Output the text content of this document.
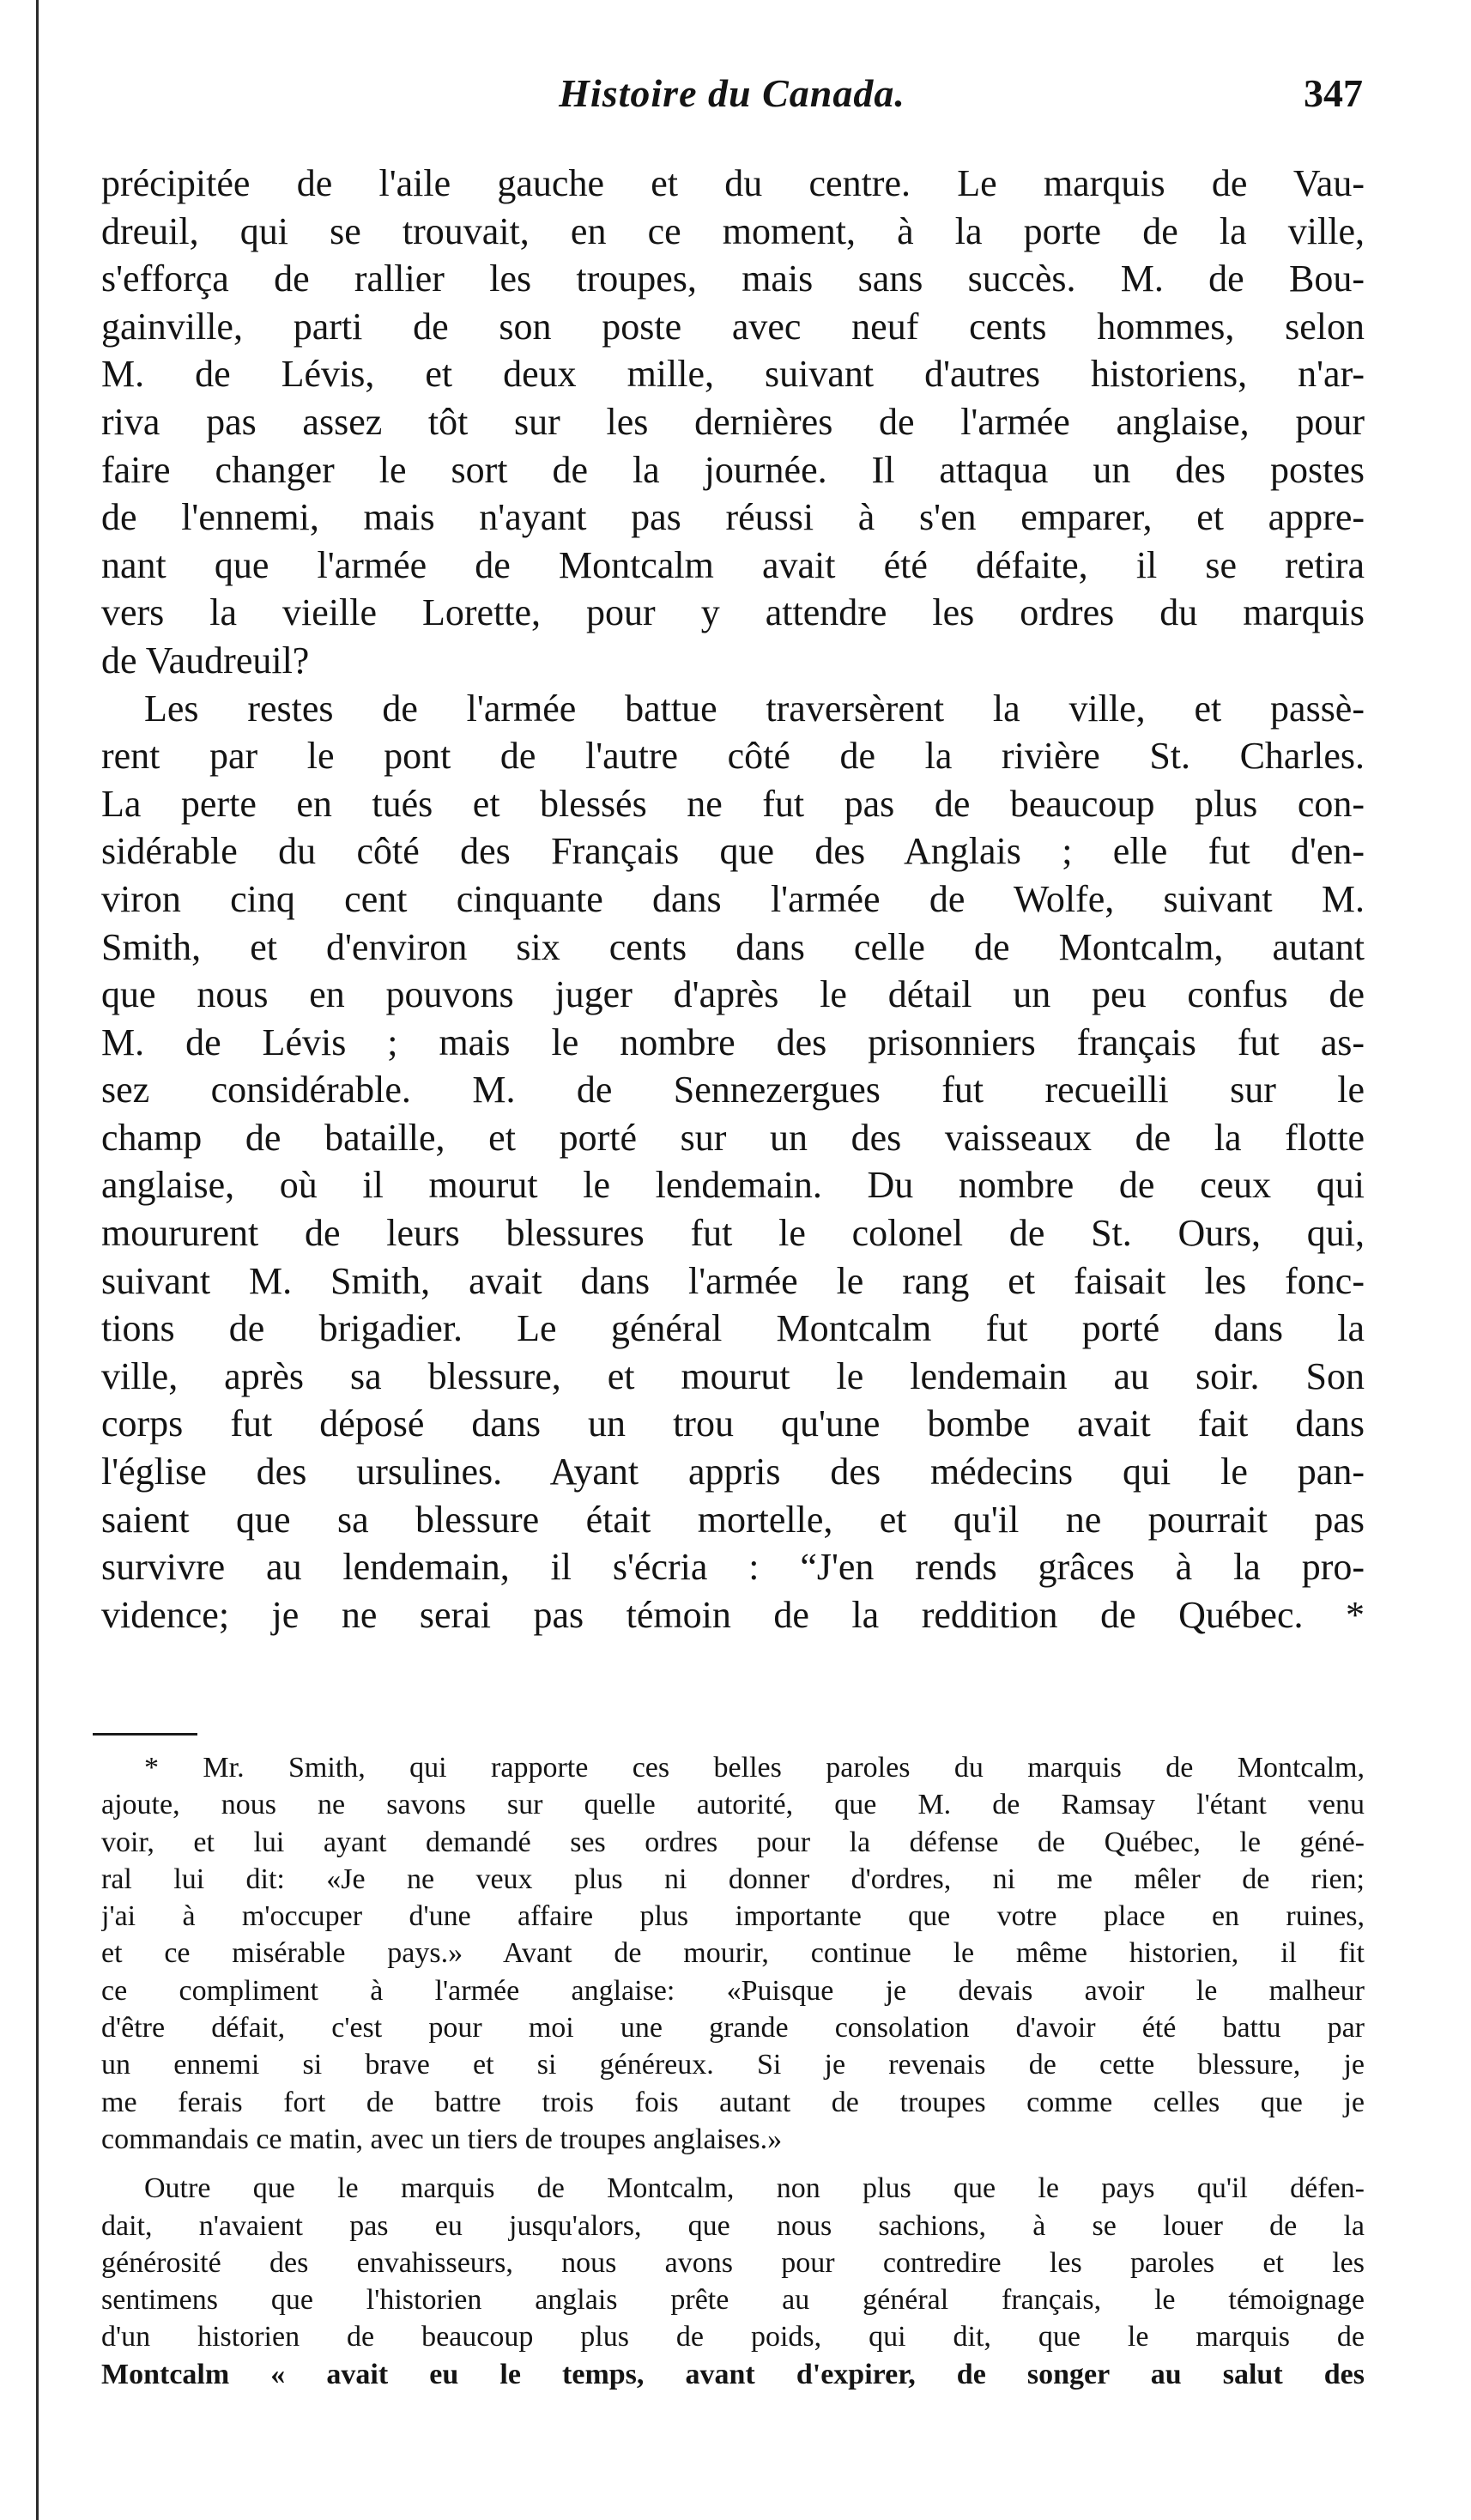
Histoire du Canada.	347
précipitée de l'aile gauche et du centre. Le marquis de Vau-
dreuil, qui se trouvait, en ce moment, à la porte de la ville,
s'efforça de rallier les troupes, mais sans succès. M. de Bou-
gainville, parti de son poste avec neuf cents hommes, selon
M. de Lévis, et deux mille, suivant d'autres historiens, n'ar-
riva pas assez tôt sur les dernières de l'armée anglaise, pour
faire changer le sort de la journée. Il attaqua un des postes
de l'ennemi, mais n'ayant pas réussi à s'en emparer, et appre-
nant que l'armée de Montcalm avait été défaite, il se retira
vers la vieille Lorette, pour y attendre les ordres du marquis
de Vaudreuil?
Les restes de l'armée battue traversèrent la ville, et passè-
rent par le pont de l'autre côté de la rivière St. Charles.
La perte en tués et blessés ne fut pas de beaucoup plus con-
sidérable du côté des Français que des Anglais ; elle fut d'en-
viron cinq cent cinquante dans l'armée de Wolfe, suivant M.
Smith, et d'environ six cents dans celle de Montcalm, autant
que nous en pouvons juger d'après le détail un peu confus de
M. de Lévis ; mais le nombre des prisonniers français fut as-
sez considérable. M. de Sennezergues fut recueilli sur le
champ de bataille, et porté sur un des vaisseaux de la flotte
anglaise, où il mourut le lendemain. Du nombre de ceux qui
moururent de leurs blessures fut le colonel de St. Ours, qui,
suivant M. Smith, avait dans l'armée le rang et faisait les fonc-
tions de brigadier. Le général Montcalm fut porté dans la
ville, après sa blessure, et mourut le lendemain au soir. Son
corps fut déposé dans un trou qu'une bombe avait fait dans
l'église des ursulines. Ayant appris des médecins qui le pan-
saient que sa blessure était mortelle, et qu'il ne pourrait pas
survivre au lendemain, il s'écria : “J'en rends grâces à la pro-
vidence; je ne serai pas témoin de la reddition de Québec. *
* Mr. Smith, qui rapporte ces belles paroles du marquis de Montcalm,
ajoute, nous ne savons sur quelle autorité, que M. de Ramsay l'étant venu
voir, et lui ayant demandé ses ordres pour la défense de Québec, le géné-
ral lui dit: «Je ne veux plus ni donner d'ordres, ni me mêler de rien;
j'ai à m'occuper d'une affaire plus importante que votre place en ruines,
et ce misérable pays.» Avant de mourir, continue le même historien, il fit
ce compliment à l'armée anglaise: «Puisque je devais avoir le malheur
d'être défait, c'est pour moi une grande consolation d'avoir été battu par
un ennemi si brave et si généreux. Si je revenais de cette blessure, je
me ferais fort de battre trois fois autant de troupes comme celles que je
commandais ce matin, avec un tiers de troupes anglaises.»
Outre que le marquis de Montcalm, non plus que le pays qu'il défen-
dait, n'avaient pas eu jusqu'alors, que nous sachions, à se louer de la
générosité des envahisseurs, nous avons pour contredire les paroles et les
sentimens que l'historien anglais prête au général français, le témoignage
d'un historien de beaucoup plus de poids, qui dit, que le marquis de
Montcalm « avait eu le temps, avant d'expirer, de songer au salut des
